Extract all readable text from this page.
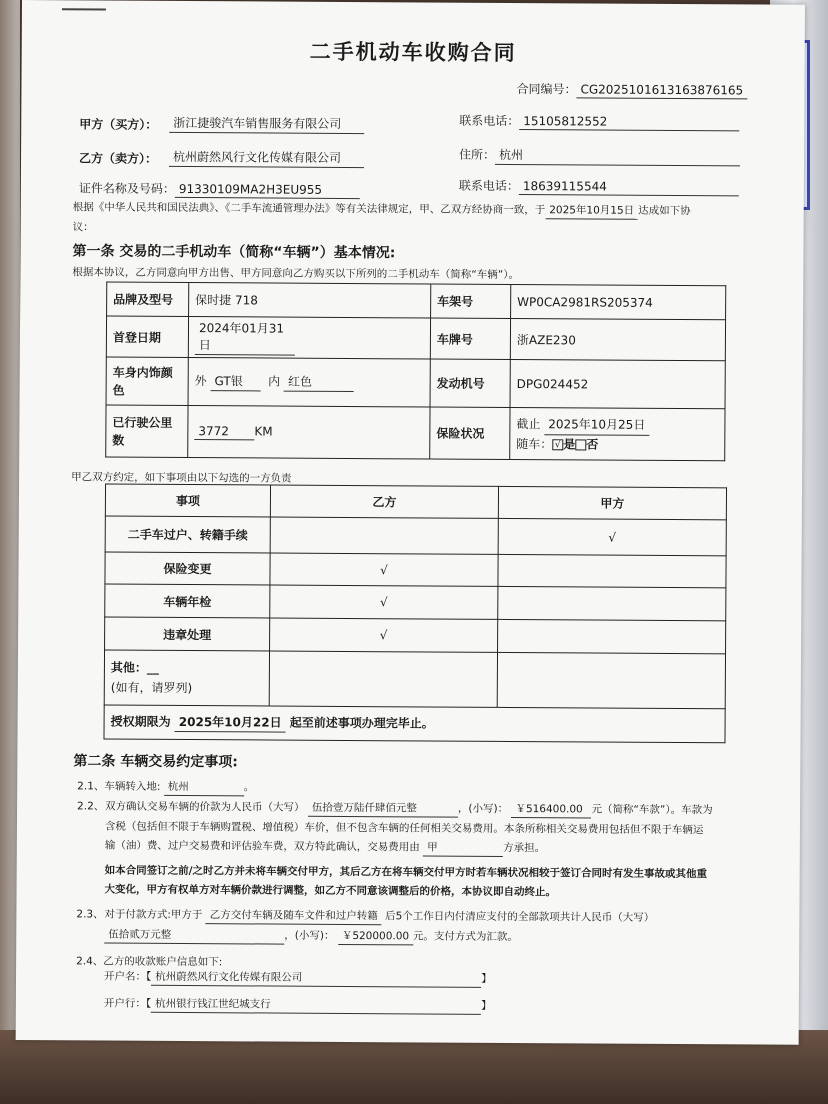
二手机动车收购合同
合同编号： CG2025101613163876165
甲方（买方）：	浙江捷骏汽车销售服务有限公司	联系电话： 15105812552
乙方（卖方）：	杭州蔚然风行文化传媒有限公司	住所： 杭州
证件名称及号码： 91330109MA2H3EU955	联系电话： 18639115544
根据《中华人民共和国民法典》、《二手车流通管理办法》等有关法律规定，甲、乙双方经协商一致，于 2025年10月15日 达成如下协
议：
第一条 交易的二手机动车（简称“车辆”）基本情况:
根据本协议，乙方同意向甲方出售、甲方同意向乙方购买以下所列的二手机动车（简称“车辆”）。
品牌及型号	保时捷 718	车架号	WP0CA2981RS205374
首登日期	2024年01月31日	车牌号	浙AZE230
车身内饰颜
色	外 GT银 内 红色	发动机号	DPG024452
已行驶公里
数	3772 KM	保险状况	截止 2025年10月25日
随车： √ 是 否
甲乙双方约定，如下事项由以下勾选的一方负责
事项	乙方	甲方
二手车过户、转籍手续		√
保险变更	√	
车辆年检	√	
违章处理	√	
其他：__
(如有，请罗列)		
授权期限为 2025年10月22日 起至前述事项办理完毕止。		
第二条 车辆交易约定事项:
2.1、车辆转入地: 杭州	。
2.2、 双方确认交易车辆的价款为人民币（大写） 伍拾壹万陆仟肆佰元整	，(小写)： ￥516400.00 元（简称“车款”）。车款为
含税（包括但不限于车辆购置税、增值税）车价，但不包含车辆的任何相关交易费用。本条所称相关交易费用包括但不限于车辆运
输（油）费、过户交易费和评估验车费，双方特此确认，交易费用由 甲	方承担。
如本合同签订之前/之时乙方并未将车辆交付甲方，其后乙方在将车辆交付甲方时若车辆状况相较于签订合同时有发生事故或其他重
大变化，甲方有权单方对车辆价款进行调整，如乙方不同意该调整后的价格，本协议即自动终止。
2.3、 对于付款方式:甲方于 乙方交付车辆及随车文件和过户转籍 后5个工作日内付清应支付的全部款项共计人民币（大写）
伍拾贰万元整	，(小写)： ￥520000.00 元。支付方式为汇款。
2.4、乙方的收款账户信息如下:
开户名：【 杭州蔚然风行文化传媒有限公司	】
开户行：【 杭州银行钱江世纪城支行	】
